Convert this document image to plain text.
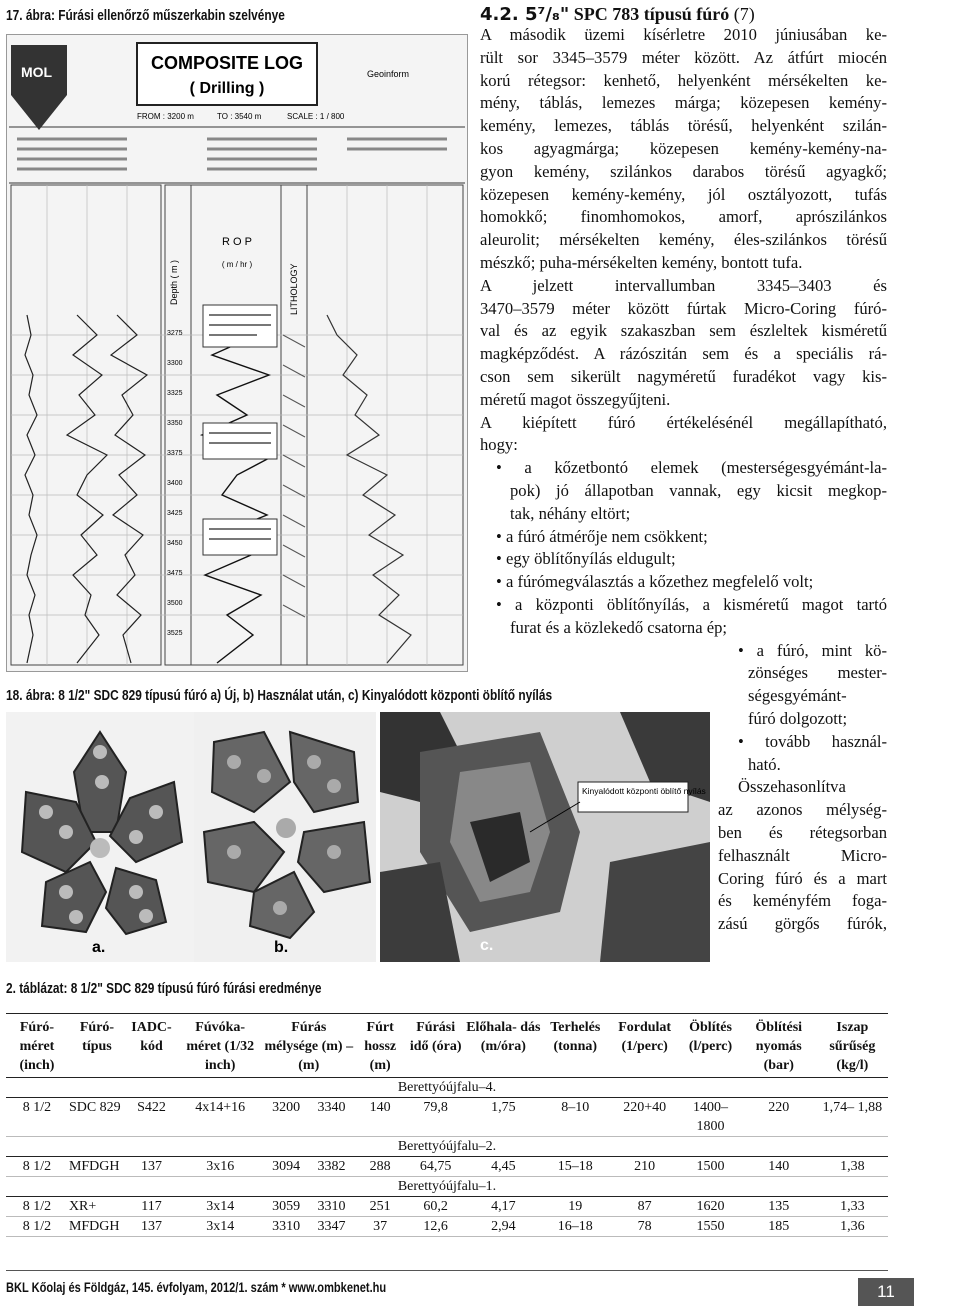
17. ábra: Fúrási ellenőrző műszerkabin szelvénye
MOL	COMPOSITE LOG
( Drilling )
Geoinform
FROM : 3200 m	TO : 3540 m	SCALE : 1 / 800
R O P
( m / hr )
Depth ( m )	LITHOLOGY
3275
3300
3325
3350
3375
3400
3425
3450
3475
3500
3525
18. ábra: 8 1/2" SDC 829 típusú fúró a) Új, b) Használat után, c) Kinyalódott központi öblítő nyílás
a.	b.
Kinyalódott központi öblítő nyílás
c.
4.2. 5⁷/₈" SPC 783 típusú fúró (7)
A második üzemi kísérletre 2010 júniusában ke-
rült sor 3345–3579 méter között. Az átfúrt miocén
korú rétegsor: kenhető, helyenként mérsékelten ke-
mény, táblás, lemezes márga; közepesen kemény-
kemény, lemezes, táblás törésű, helyenként szilán-
kos agyagmárga; közepesen kemény-kemény-na-
gyon kemény, szilánkos darabos törésű agyagkő;
közepesen kemény-kemény, jól osztályozott, tufás
homokkő; finomhomokos, amorf, aprószilánkos
aleurolit; mérsékelten kemény, éles-szilánkos törésű
mészkő; puha-mérsékelten kemény, bontott tufa.
A jelzett intervallumban 3345–3403 és
3470–3579 méter között fúrtak Micro-Coring fúró-
val és az egyik szakaszban sem észleltek kisméretű
magképződést. A rázószitán sem és a speciális rá-
cson sem sikerült nagyméretű furadékot vagy kis-
méretű magot összegyűjteni.
A kiépített fúró értékelésénél megállapítható,
hogy:
• a kőzetbontó elemek (mesterségesgyémánt-la-
pok) jó állapotban vannak, egy kicsit megkop-
tak, néhány eltört;
• a fúró átmérője nem csökkent;
• egy öblítőnyílás eldugult;
• a fúrómegválasztás a kőzethez megfelelő volt;
• a központi öblítőnyílás, a kisméretű magot tartó
furat és a közlekedő csatorna ép;
• a fúró, mint kö-
zönséges mester-
ségesgyémánt-
fúró dolgozott;
• tovább használ-
ható.
Összehasonlítva
az azonos mélység-
ben és rétegsorban
felhasznált Micro-
Coring fúró és a mart
és keményfém foga-
zású görgős fúrók,
2. táblázat: 8 1/2" SDC 829 típusú fúró fúrási eredménye
Fúró- méret (inch)	Fúró- típus	IADC- kód	Fúvóka- méret (1/32 inch)	Fúrás mélysége (m) – (m)		Fúrt hossz (m)	Fúrási idő (óra)	Előhala- dás (m/óra)	Terhelés (tonna)	Fordulat (1/perc)	Öblítés (l/perc)	Öblítési nyomás (bar)	Iszap sűrűség (kg/l)
Berettyóújfalu–4.													
8 1/2	SDC 829	S422	4x14+16	3200	3340	140	79,8	1,75	8–10	220+40	1400– 1800	220	1,74– 1,88
Berettyóújfalu–2.													
8 1/2	MFDGH	137	3x16	3094	3382	288	64,75	4,45	15–18	210	1500	140	1,38
Berettyóújfalu–1.													
8 1/2	XR+	117	3x14	3059	3310	251	60,2	4,17	19	87	1620	135	1,33
8 1/2	MFDGH	137	3x14	3310	3347	37	12,6	2,94	16–18	78	1550	185	1,36
BKL Kőolaj és Földgáz, 145. évfolyam, 2012/1. szám * www.ombkenet.hu	11
